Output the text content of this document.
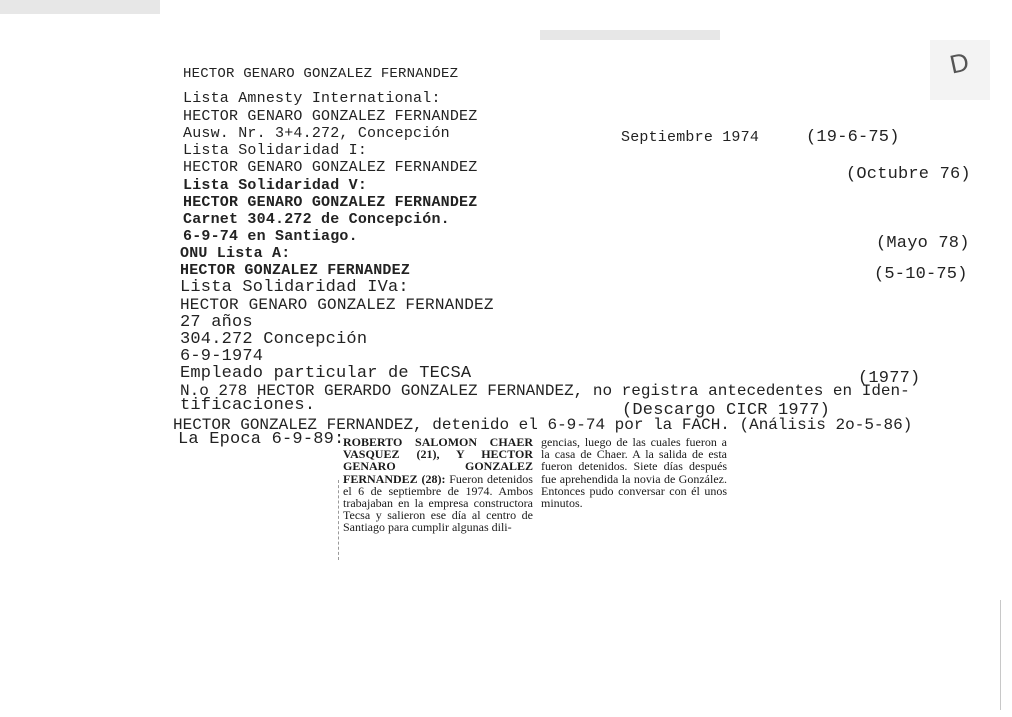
D
HECTOR GENARO GONZALEZ FERNANDEZ
Lista Amnesty International:
HECTOR GENARO GONZALEZ FERNANDEZ
Ausw. Nr. 3+4.272, Concepción
Lista Solidaridad I:
HECTOR GENARO GONZALEZ FERNANDEZ
Lista Solidaridad V:
HECTOR GENARO GONZALEZ FERNANDEZ
Carnet 304.272 de Concepción.
6-9-74 en Santiago.
ONU Lista A:
HECTOR GONZALEZ FERNANDEZ
Lista Solidaridad IVa:
HECTOR GENARO GONZALEZ FERNANDEZ
27 años
304.272 Concepción
6-9-1974
Empleado particular de TECSA
Septiembre 1974	(19-6-75)
(Octubre 76)
(Mayo 78)
(5-10-75)
(1977)
N.o 278 HECTOR GERARDO GONZALEZ FERNANDEZ, no registra antecedentes en Iden-
tificaciones.	(Descargo CICR 1977)
HECTOR GONZALEZ FERNANDEZ, detenido el 6-9-74 por la FACH. (Análisis 2o-5-86)
La Epoca 6-9-89:
ROBERTO SALOMON CHAER VASQUEZ (21), Y HECTOR GENARO GONZALEZ FERNANDEZ (28): Fueron detenidos el 6 de septiembre de 1974. Ambos trabajaban en la empresa constructora Tecsa y salieron ese día al centro de Santiago para cumplir algunas dili-
gencias, luego de las cuales fueron a la casa de Chaer. A la salida de esta fueron detenidos. Siete días después fue aprehendida la novia de González. Entonces pudo conversar con él unos minutos.
